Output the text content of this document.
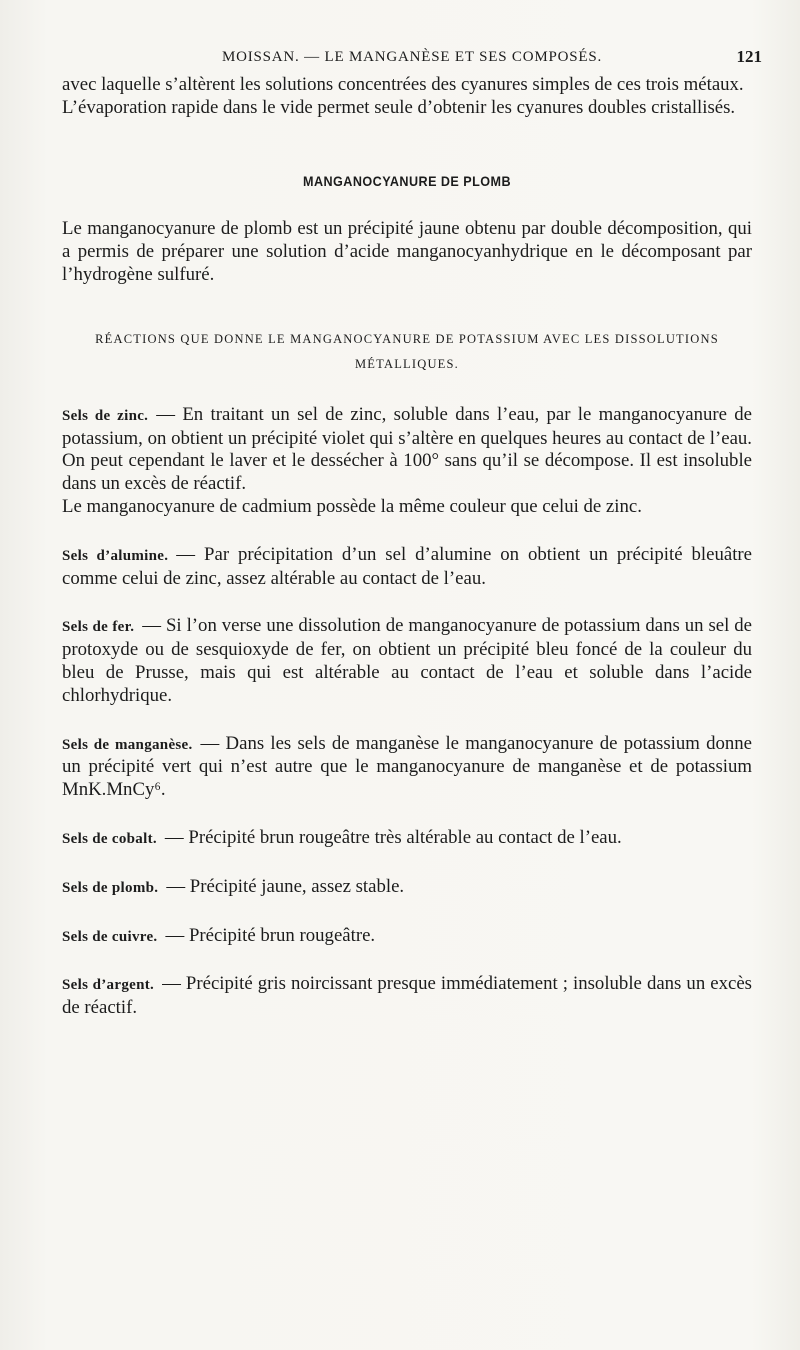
MOISSAN. — LE MANGANÈSE ET SES COMPOSÉS.	121

avec laquelle s’altèrent les solutions concentrées des cyanures simples de ces trois métaux.

L’évaporation rapide dans le vide permet seule d’obtenir les cyanures doubles cristallisés.

MANGANOCYANURE DE PLOMB

Le manganocyanure de plomb est un précipité jaune obtenu par double décomposition, qui a permis de préparer une solution d’acide manganocyanhydrique en le décomposant par l’hydrogène sulfuré.

RÉACTIONS QUE DONNE LE MANGANOCYANURE DE POTASSIUM AVEC LES DISSOLUTIONS MÉTALLIQUES.

Sels de zinc. — En traitant un sel de zinc, soluble dans l’eau, par le manganocyanure de potassium, on obtient un précipité violet qui s’altère en quelques heures au contact de l’eau. On peut cependant le laver et le dessécher à 100° sans qu’il se décompose. Il est insoluble dans un excès de réactif.

Le manganocyanure de cadmium possède la même couleur que celui de zinc.

Sels d’alumine. — Par précipitation d’un sel d’alumine on obtient un précipité bleuâtre comme celui de zinc, assez altérable au contact de l’eau.

Sels de fer. — Si l’on verse une dissolution de manganocyanure de potassium dans un sel de protoxyde ou de sesquioxyde de fer, on obtient un précipité bleu foncé de la couleur du bleu de Prusse, mais qui est altérable au contact de l’eau et soluble dans l’acide chlorhydrique.

Sels de manganèse. — Dans les sels de manganèse le manganocyanure de potassium donne un précipité vert qui n’est autre que le manganocyanure de manganèse et de potassium MnK.MnCy⁶.

Sels de cobalt. — Précipité brun rougeâtre très altérable au contact de l’eau.

Sels de plomb. — Précipité jaune, assez stable.

Sels de cuivre. — Précipité brun rougeâtre.

Sels d’argent. — Précipité gris noircissant presque immédiatement ; insoluble dans un excès de réactif.
